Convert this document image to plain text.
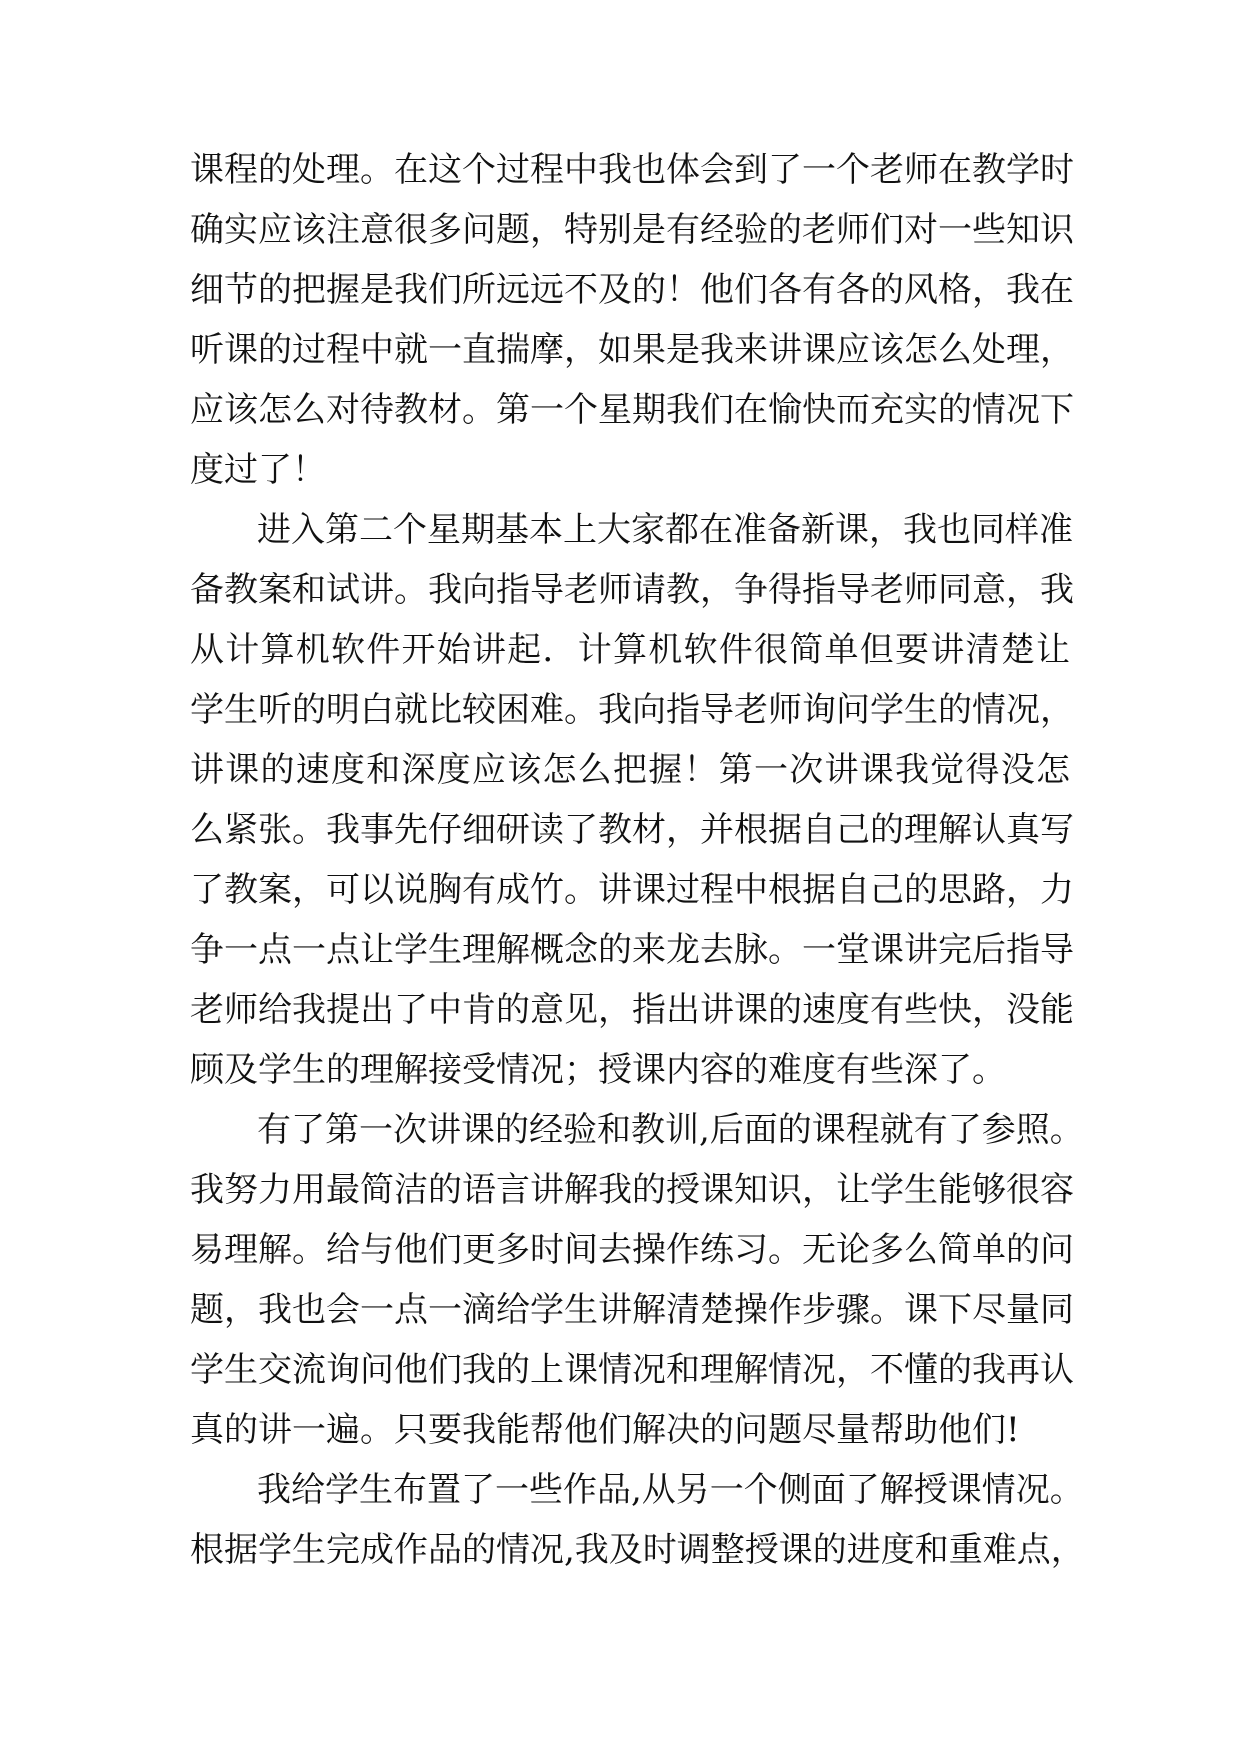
课程的处理。在这个过程中我也体会到了一个老师在教学时
确实应该注意很多问题，特别是有经验的老师们对一些知识
细节的把握是我们所远远不及的！他们各有各的风格，我在
听课的过程中就一直揣摩，如果是我来讲课应该怎么处理，
应该怎么对待教材。第一个星期我们在愉快而充实的情况下
度过了！
进入第二个星期基本上大家都在准备新课，我也同样准
备教案和试讲。我向指导老师请教，争得指导老师同意，我
从计算机软件开始讲起．计算机软件很简单但要讲清楚让
学生听的明白就比较困难。我向指导老师询问学生的情况，
讲课的速度和深度应该怎么把握！第一次讲课我觉得没怎
么紧张。我事先仔细研读了教材，并根据自己的理解认真写
了教案，可以说胸有成竹。讲课过程中根据自己的思路，力
争一点一点让学生理解概念的来龙去脉。一堂课讲完后指导
老师给我提出了中肯的意见，指出讲课的速度有些快，没能
顾及学生的理解接受情况；授课内容的难度有些深了。
有了第一次讲课的经验和教训,后面的课程就有了参照。
我努力用最简洁的语言讲解我的授课知识，让学生能够很容
易理解。给与他们更多时间去操作练习。无论多么简单的问
题，我也会一点一滴给学生讲解清楚操作步骤。课下尽量同
学生交流询问他们我的上课情况和理解情况，不懂的我再认
真的讲一遍。只要我能帮他们解决的问题尽量帮助他们!
我给学生布置了一些作品,从另一个侧面了解授课情况。
根据学生完成作品的情况,我及时调整授课的进度和重难点，
